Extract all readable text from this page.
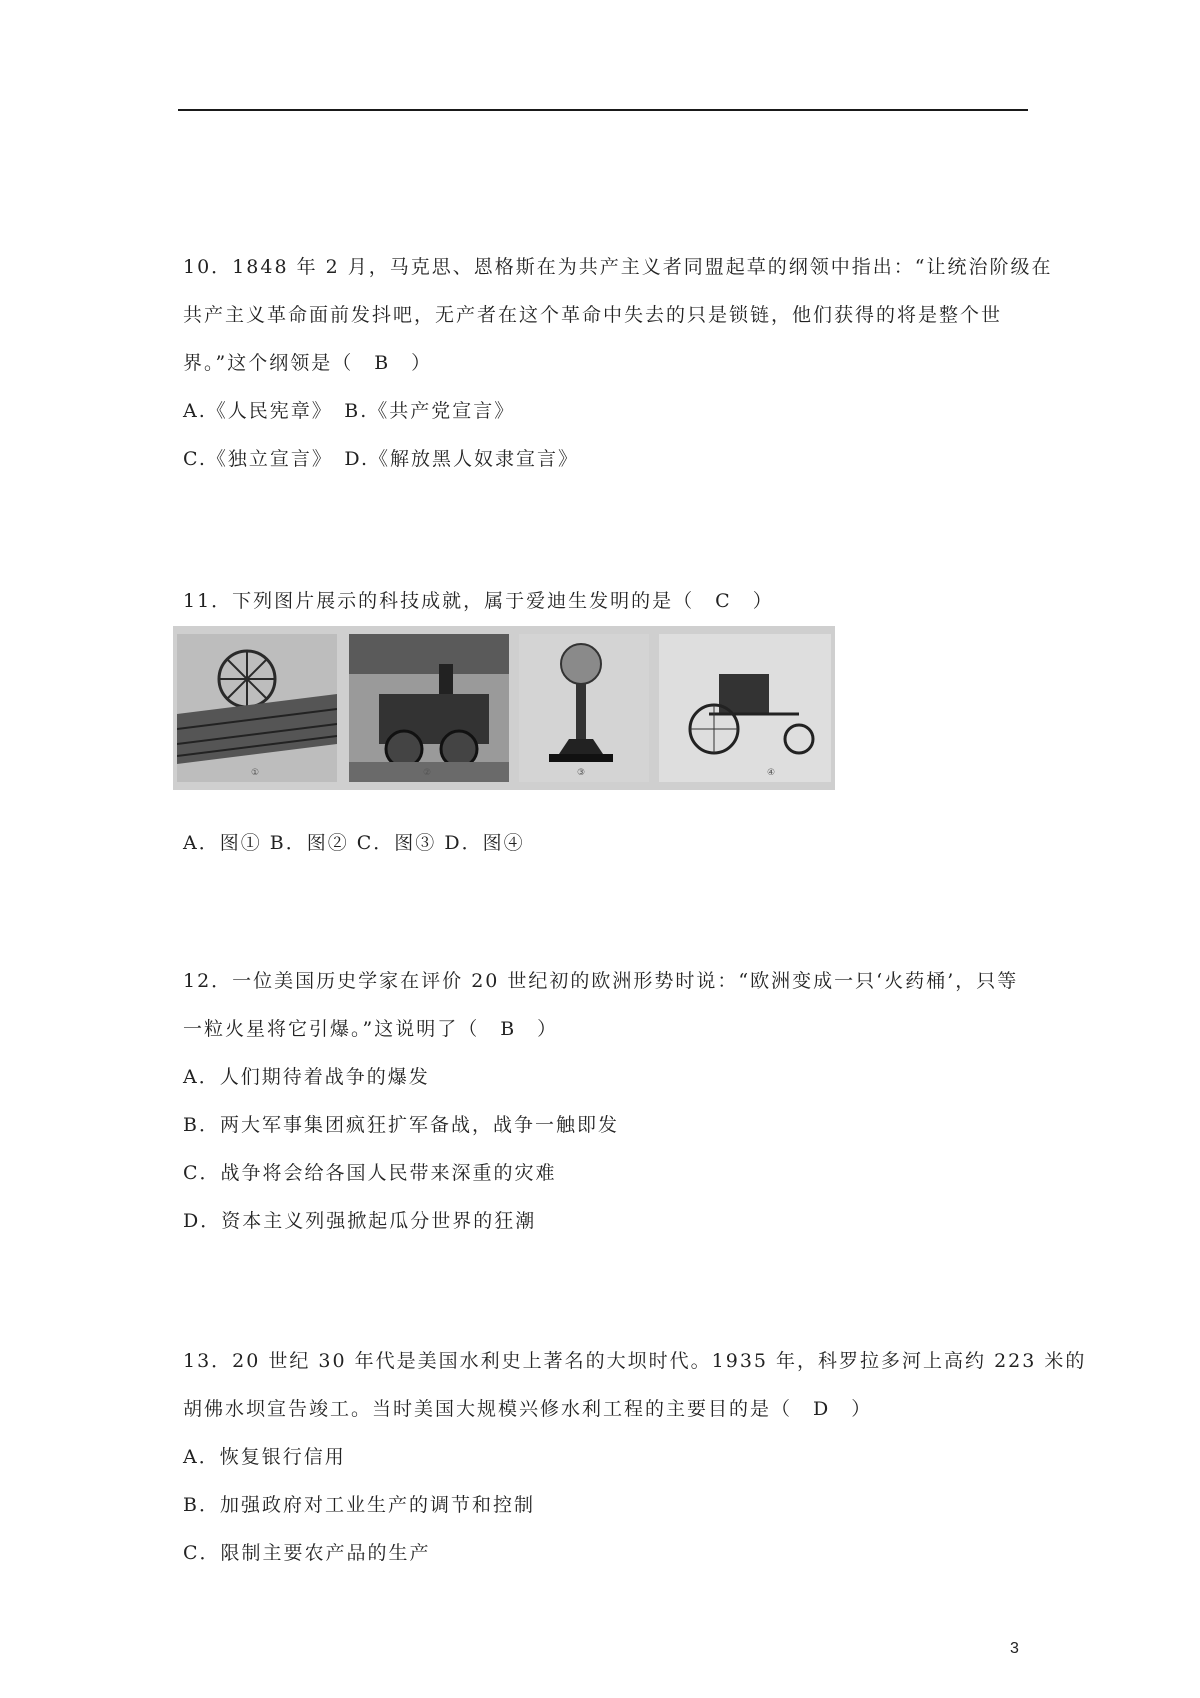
10．1848 年 2 月，马克思、恩格斯在为共产主义者同盟起草的纲领中指出：“让统治阶级在
共产主义革命面前发抖吧，无产者在这个革命中失去的只是锁链，他们获得的将是整个世
界。”这个纲领是（　B　）
A.《人民宪章》　B.《共产党宣言》
C.《独立宣言》　D.《解放黑人奴隶宣言》
11．下列图片展示的科技成就，属于爱迪生发明的是（　C　）
①	②	③	④
A．图① B．图② C．图③ D．图④
12．一位美国历史学家在评价 20 世纪初的欧洲形势时说：“欧洲变成一只‘火药桶’，只等
一粒火星将它引爆。”这说明了（　B　）
A．人们期待着战争的爆发
B．两大军事集团疯狂扩军备战，战争一触即发
C．战争将会给各国人民带来深重的灾难
D．资本主义列强掀起瓜分世界的狂潮
13．20 世纪 30 年代是美国水利史上著名的大坝时代。1935 年，科罗拉多河上高约 223 米的
胡佛水坝宣告竣工。当时美国大规模兴修水利工程的主要目的是（　D　）
A．恢复银行信用
B．加强政府对工业生产的调节和控制
C．限制主要农产品的生产
3
